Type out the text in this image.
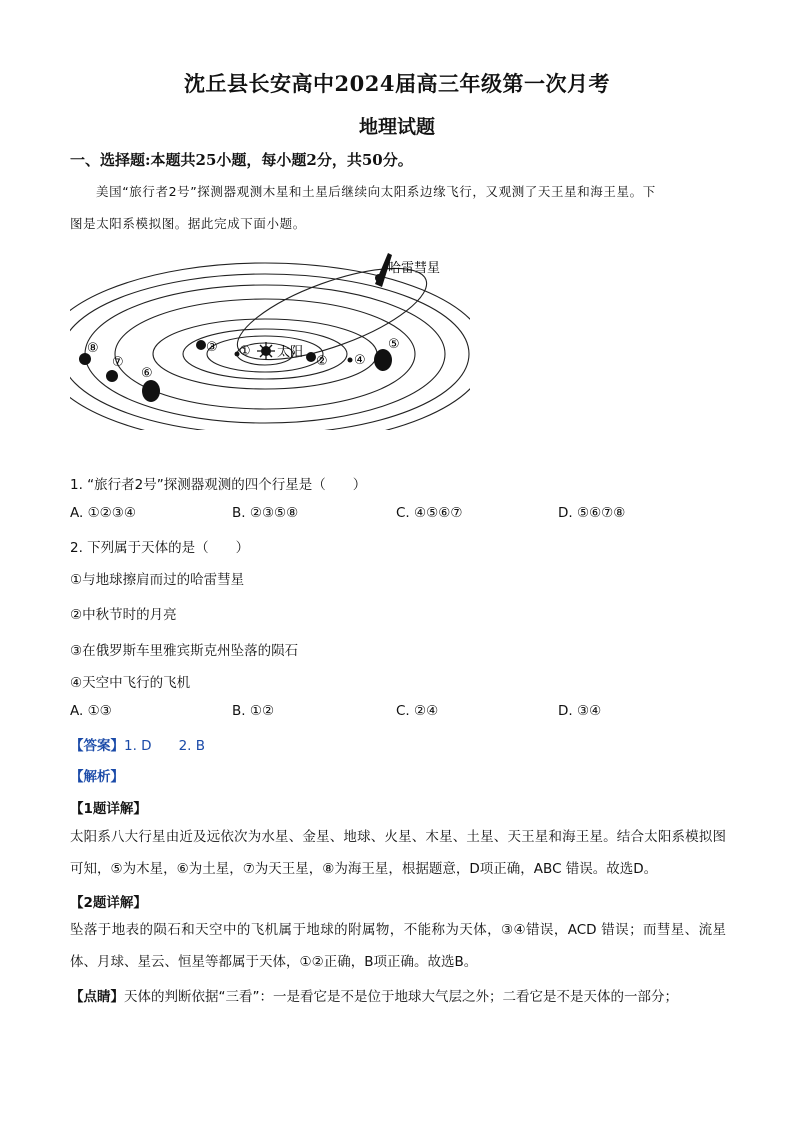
沈丘县长安高中2024届高三年级第一次月考
地理试题
一、选择题:本题共25小题，每小题2分，共50分。
美国“旅行者2号”探测器观测木星和土星后继续向太阳系边缘飞行，又观测了天王星和海王星。下
图是太阳系模拟图。据此完成下面小题。
太阳
哈雷彗星
①
②
③
④
⑤
⑥
⑦
⑧
1. “旅行者2号”探测器观测的四个行星是（　　）
A. ①②③④	B. ②③⑤⑧	C. ④⑤⑥⑦	D. ⑤⑥⑦⑧
2. 下列属于天体的是（　　）
①与地球擦肩而过的哈雷彗星
②中秋节时的月亮
③在俄罗斯车里雅宾斯克州坠落的陨石
④天空中飞行的飞机
A. ①③	B. ①②	C. ②④	D. ③④
【答案】1. D　　2. B
【解析】
【1题详解】
太阳系八大行星由近及远依次为水星、金星、地球、火星、木星、土星、天王星和海王星。结合太阳系模拟图可知，⑤为木星，⑥为土星，⑦为天王星，⑧为海王星，根据题意，D项正确，ABC 错误。故选D。
【2题详解】
坠落于地表的陨石和天空中的飞机属于地球的附属物，不能称为天体，③④错误，ACD 错误；而彗星、流星体、月球、星云、恒星等都属于天体，①②正确，B项正确。故选B。
【点睛】天体的判断依据“三看”：一是看它是不是位于地球大气层之外；二看它是不是天体的一部分；
